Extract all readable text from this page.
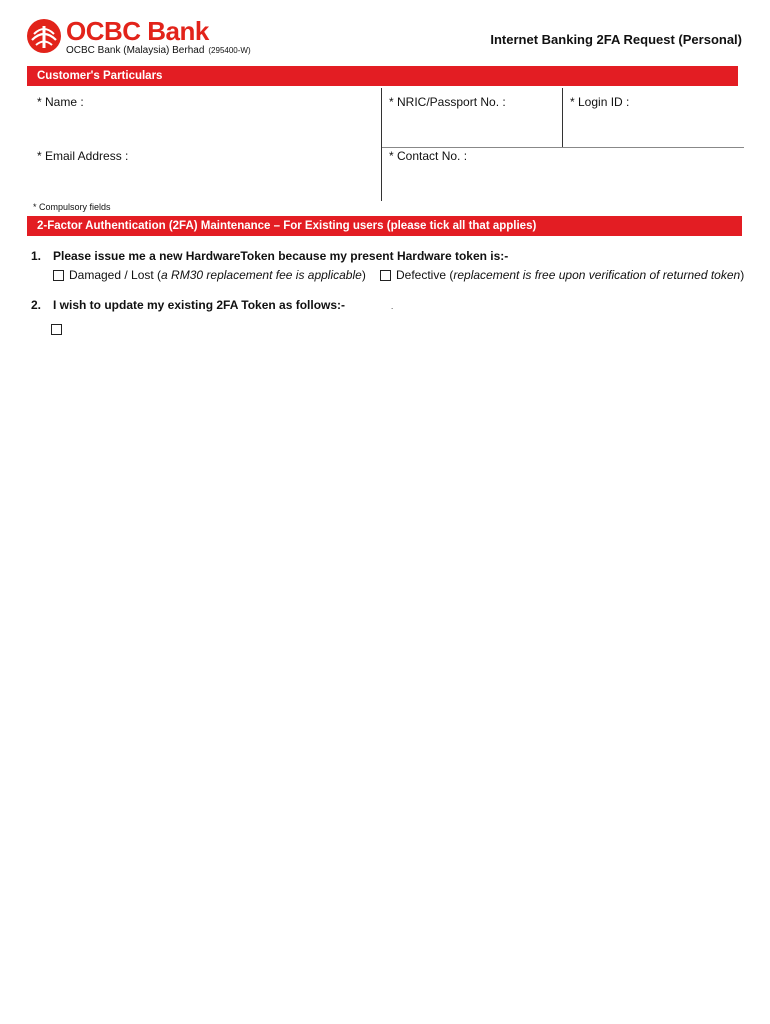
OCBC Bank
OCBC Bank (Malaysia) Berhad (295400-W)
Internet Banking 2FA Request (Personal)
Customer's Particulars
* Name :	* NRIC/Passport No. :	* Login ID :
* Email Address :	* Contact No. :
* Compulsory fields
2-Factor Authentication (2FA) Maintenance – For Existing users (please tick all that applies)
1. Please issue me a new HardwareToken because my present Hardware token is:-
Damaged / Lost ( a RM30 replacement fee is applicable )	Defective ( replacement is free upon verification of returned token )
2. I wish to update my existing 2FA Token as follows:-	.
